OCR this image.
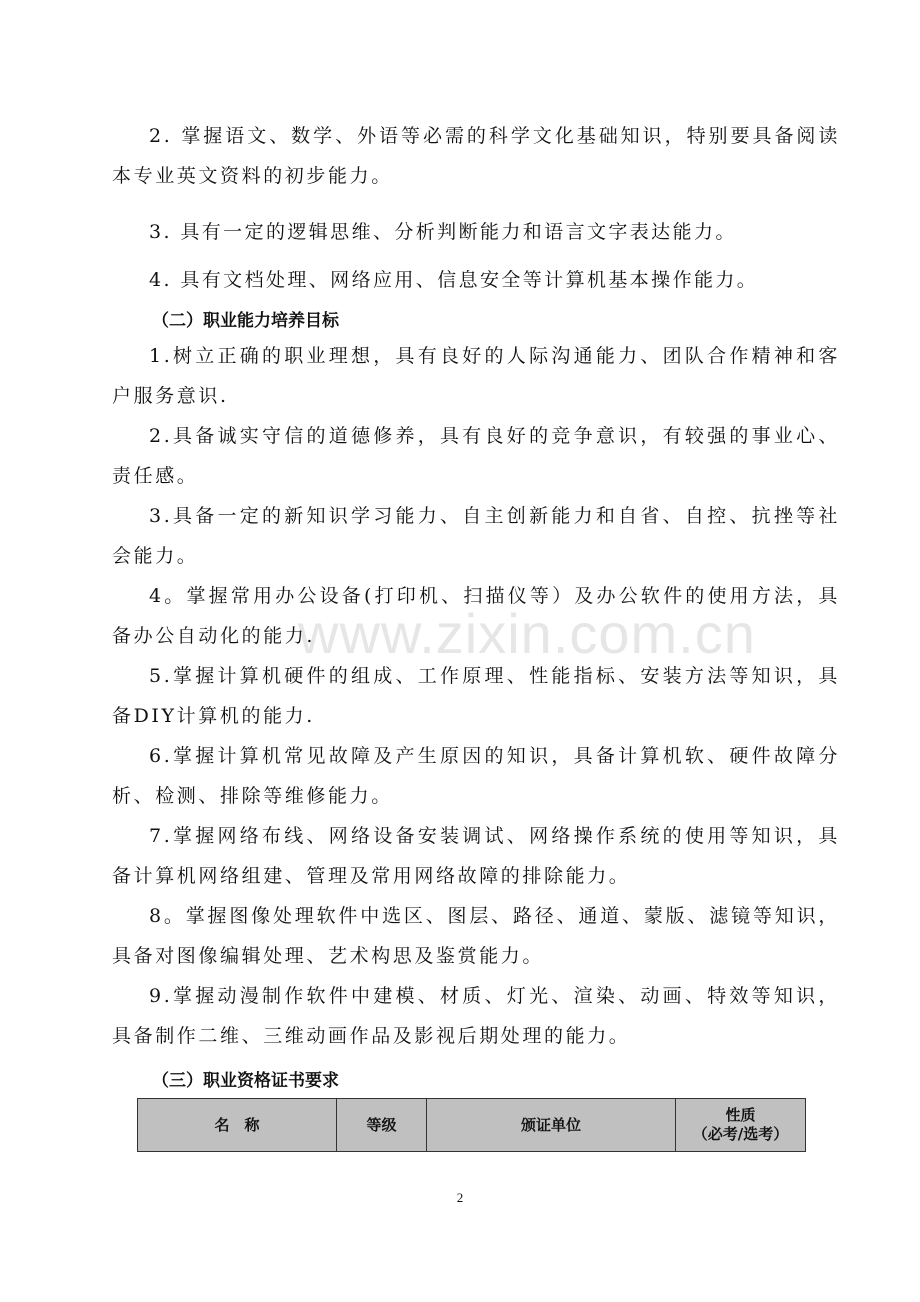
2. 掌握语文、数学、外语等必需的科学文化基础知识，特别要具备阅读本专业英文资料的初步能力。

3. 具有一定的逻辑思维、分析判断能力和语言文字表达能力。

4. 具有文档处理、网络应用、信息安全等计算机基本操作能力。

（二）职业能力培养目标

1.树立正确的职业理想，具有良好的人际沟通能力、团队合作精神和客户服务意识.

2.具备诚实守信的道德修养，具有良好的竞争意识，有较强的事业心、责任感。

3.具备一定的新知识学习能力、自主创新能力和自省、自控、抗挫等社会能力。

4。掌握常用办公设备(打印机、扫描仪等）及办公软件的使用方法，具备办公自动化的能力.

5.掌握计算机硬件的组成、工作原理、性能指标、安装方法等知识，具备DIY计算机的能力.

6.掌握计算机常见故障及产生原因的知识，具备计算机软、硬件故障分析、检测、排除等维修能力。

7.掌握网络布线、网络设备安装调试、网络操作系统的使用等知识，具备计算机网络组建、管理及常用网络故障的排除能力。

8。掌握图像处理软件中选区、图层、路径、通道、蒙版、滤镜等知识，具备对图像编辑处理、艺术构思及鉴赏能力。

9.掌握动漫制作软件中建模、材质、灯光、渲染、动画、特效等知识，具备制作二维、三维动画作品及影视后期处理的能力。

（三）职业资格证书要求
名　称	等级	颁证单位	性质
（必考/选考）
www.zixin.com.cn
2
